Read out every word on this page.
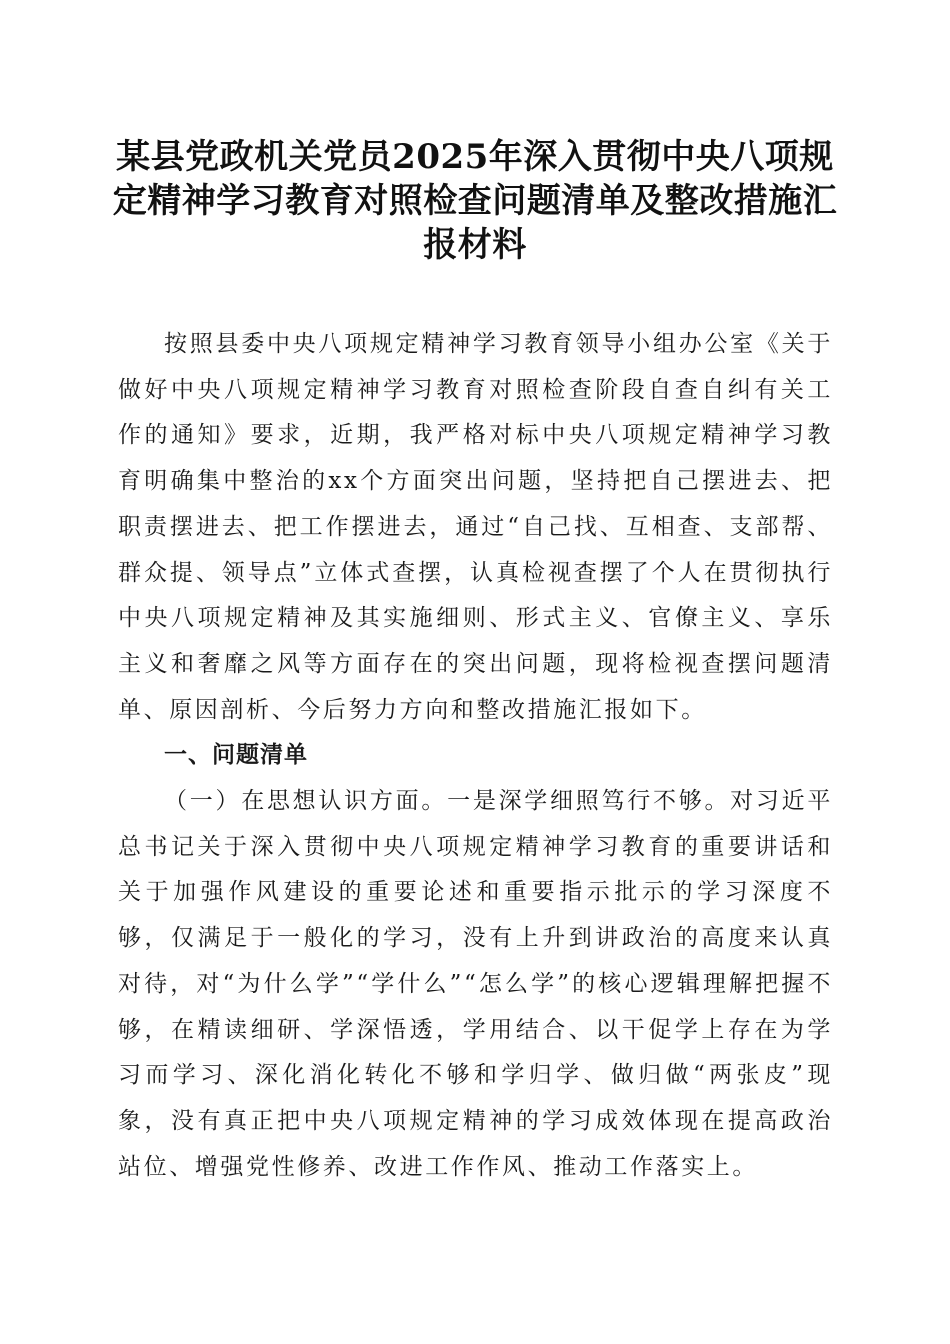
某县党政机关党员2025年深入贯彻中央八项规定精神学习教育对照检查问题清单及整改措施汇报材料

按照县委中央八项规定精神学习教育领导小组办公室《关于做好中央八项规定精神学习教育对照检查阶段自查自纠有关工作的通知》要求，近期，我严格对标中央八项规定精神学习教育明确集中整治的xx个方面突出问题，坚持把自己摆进去、把职责摆进去、把工作摆进去，通过“自己找、互相查、支部帮、群众提、领导点”立体式查摆，认真检视查摆了个人在贯彻执行中央八项规定精神及其实施细则、形式主义、官僚主义、享乐主义和奢靡之风等方面存在的突出问题，现将检视查摆问题清单、原因剖析、今后努力方向和整改措施汇报如下。

一、问题清单

（一）在思想认识方面。一是深学细照笃行不够。对习近平总书记关于深入贯彻中央八项规定精神学习教育的重要讲话和关于加强作风建设的重要论述和重要指示批示的学习深度不够，仅满足于一般化的学习，没有上升到讲政治的高度来认真对待，对“为什么学”“学什么”“怎么学”的核心逻辑理解把握不够，在精读细研、学深悟透，学用结合、以干促学上存在为学习而学习、深化消化转化不够和学归学、做归做“两张皮”现象，没有真正把中央八项规定精神的学习成效体现在提高政治站位、增强党性修养、改进工作作风、推动工作落实上。
